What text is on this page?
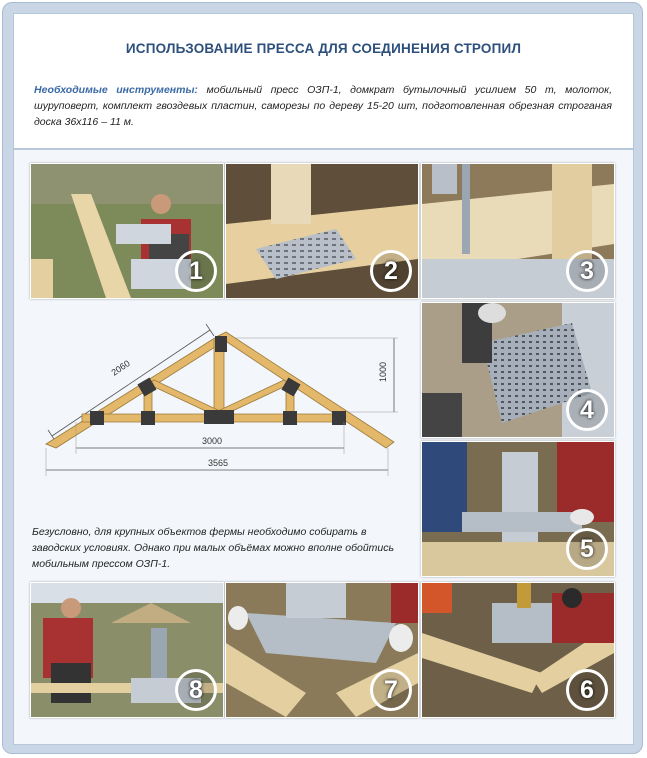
ИСПОЛЬЗОВАНИЕ ПРЕССА ДЛЯ СОЕДИНЕНИЯ СТРОПИЛ
Необходимые инструменты: мобильный пресс ОЗП-1, домкрат бутылочный усилием 50 т, молоток, шуруповерт, комплект гвоздевых пластин, саморезы по дереву 15-20 шт, подготовленная обрезная строганая доска 36х116 – 11 м.
1	2	3
2060	1000
3000
3565
Безусловно, для крупных объектов фермы необходимо собирать в заводских условиях. Однако при малых объёмах можно вполне обойтись мобильным прессом ОЗП-1.
4
5
8	7	6
